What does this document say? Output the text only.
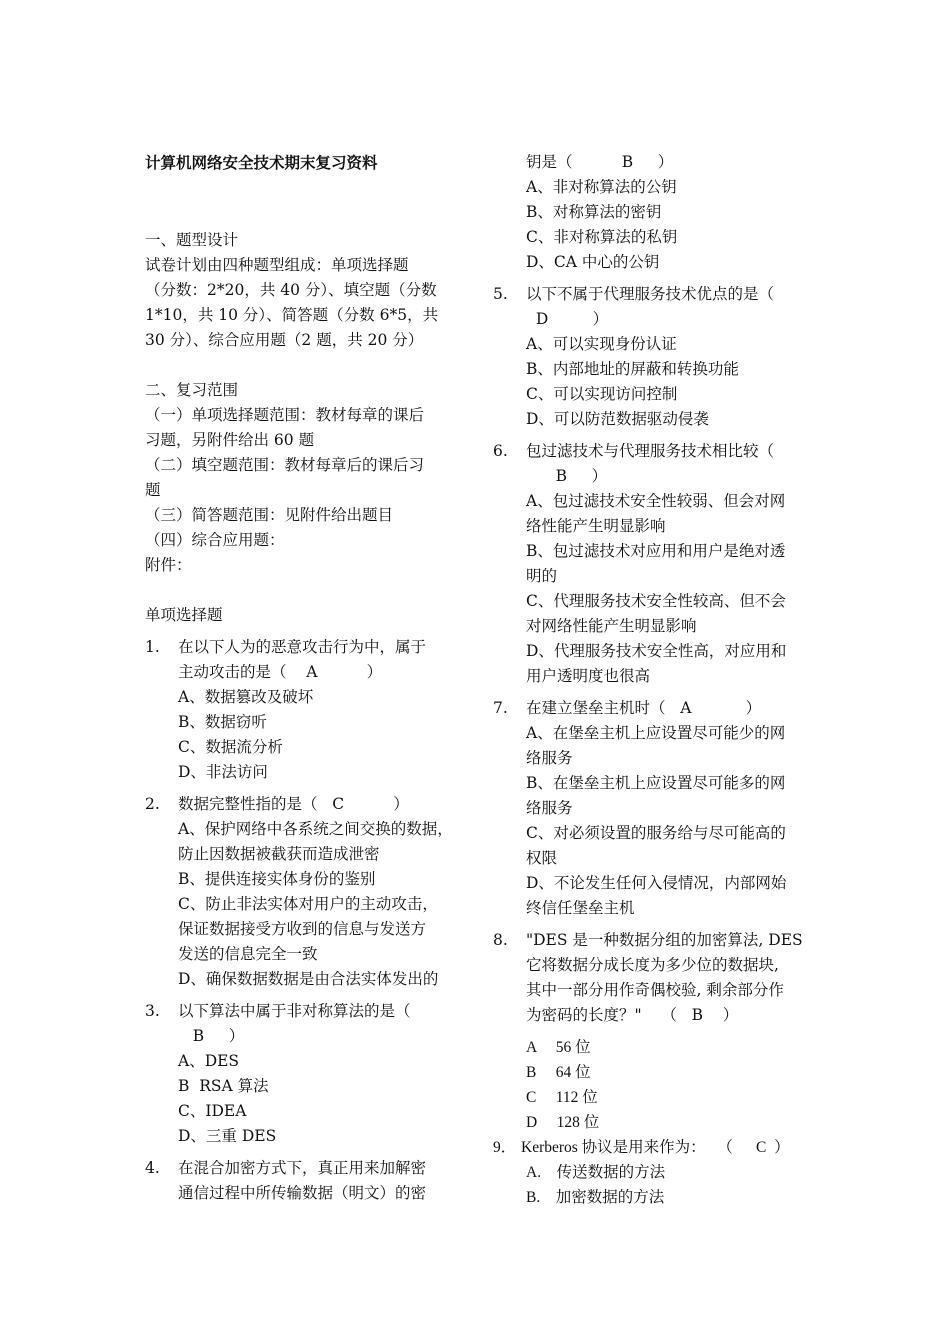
计算机网络安全技术期末复习资料
一、题型设计
试卷计划由四种题型组成：单项选择题
（分数：2*20，共 40 分）、填空题（分数
1*10，共 10 分）、简答题（分数 6*5，共
30 分）、综合应用题（2 题，共 20 分）
二、复习范围
（一）单项选择题范围：教材每章的课后
习题，另附件给出 60 题
（二）填空题范围：教材每章后的课后习
题
（三）简答题范围：见附件给出题目
（四）综合应用题：
附件：
单项选择题
1. 在以下人为的恶意攻击行为中，属于
主动攻击的是（    A          ）
A、数据篡改及破坏
B、数据窃听
C、数据流分析
D、非法访问
2. 数据完整性指的是（   C          ）
A、保护网络中各系统之间交换的数据，
防止因数据被截获而造成泄密
B、提供连接实体身份的鉴别
C、防止非法实体对用户的主动攻击，
保证数据接受方收到的信息与发送方
发送的信息完全一致
D、确保数据数据是由合法实体发出的
3. 以下算法中属于非对称算法的是（
B     ）
A、DES
B  RSA 算法
C、IDEA
D、三重 DES
4. 在混合加密方式下，真正用来加解密
通信过程中所传输数据（明文）的密
钥是（          B     ）
A、非对称算法的公钥
B、对称算法的密钥
C、非对称算法的私钥
D、CA 中心的公钥
5. 以下不属于代理服务技术优点的是（
D         ）
A、可以实现身份认证
B、内部地址的屏蔽和转换功能
C、可以实现访问控制
D、可以防范数据驱动侵袭
6. 包过滤技术与代理服务技术相比较（
B     ）
A、包过滤技术安全性较弱、但会对网
络性能产生明显影响
B、包过滤技术对应用和用户是绝对透
明的
C、代理服务技术安全性较高、但不会
对网络性能产生明显影响
D、代理服务技术安全性高，对应用和
用户透明度也很高
7. 在建立堡垒主机时（   A           ）
A、在堡垒主机上应设置尽可能少的网
络服务
B、在堡垒主机上应设置尽可能多的网
络服务
C、对必须设置的服务给与尽可能高的
权限
D、不论发生任何入侵情况，内部网始
终信任堡垒主机
8. "DES 是一种数据分组的加密算法, DES
它将数据分成长度为多少位的数据块,
其中一部分用作奇偶校验, 剩余部分作
为密码的长度？"    （   B    ）
A     56 位
B     64 位
C     112 位
D     128 位
9． Kerberos 协议是用来作为：   （      C  ）
A.    传送数据的方法
B.    加密数据的方法
